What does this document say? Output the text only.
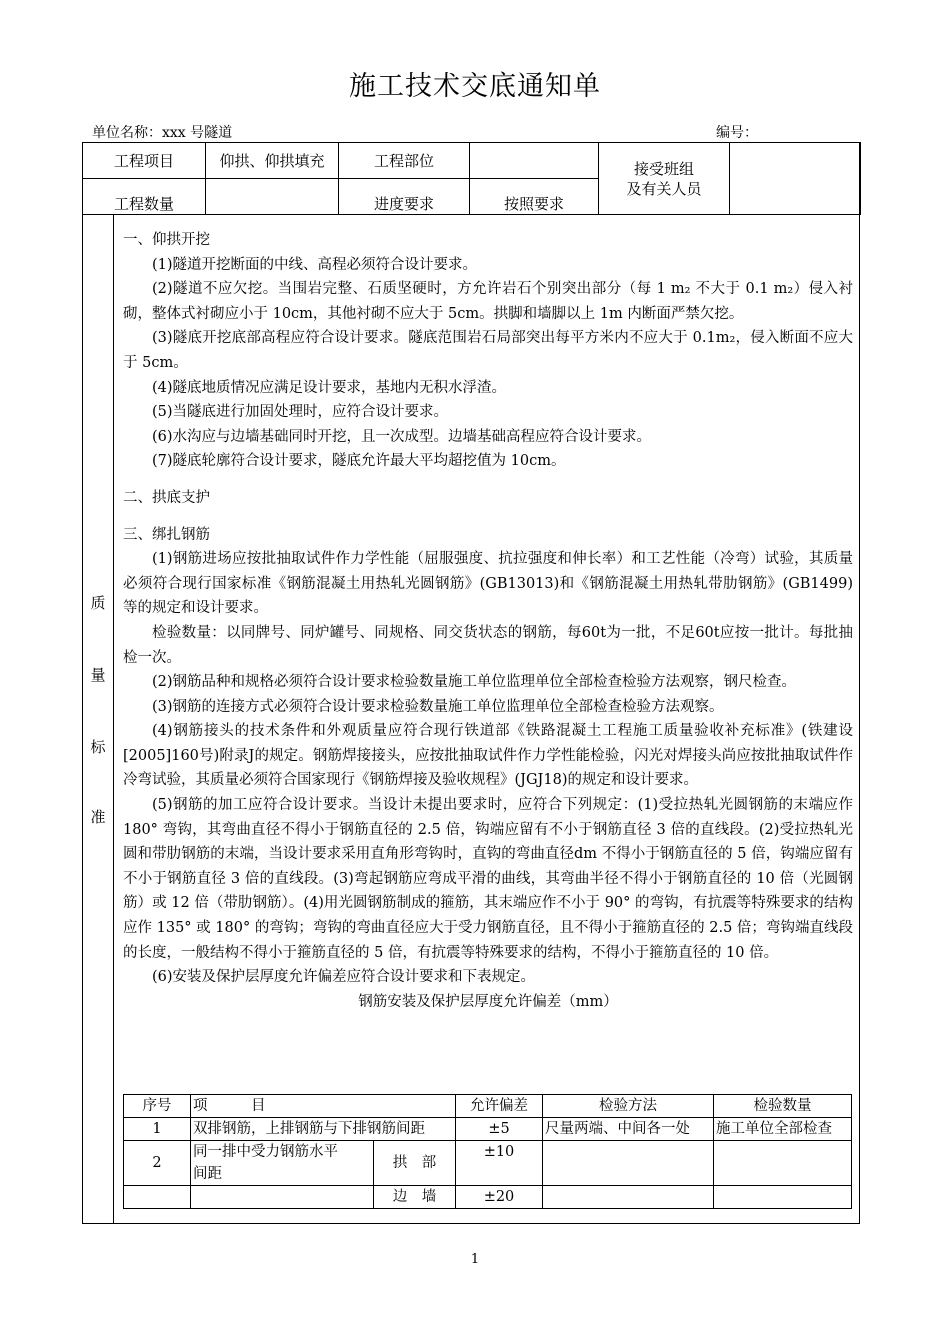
施工技术交底通知单
单位名称：xxx 号隧道	编号：
工程项目	仰拱、仰拱填充	工程部位		接受班组
及有关人员	

工程数量		进度要求	按照要求		
质
量
标
准

一、仰拱开挖

(1)隧道开挖断面的中线、高程必须符合设计要求。

(2)隧道不应欠挖。当围岩完整、石质坚硬时，方允许岩石个别突出部分（每 1 m₂ 不大于 0.1 m₂）侵入衬砌，整体式衬砌应小于 10cm，其他衬砌不应大于 5cm。拱脚和墙脚以上 1m 内断面严禁欠挖。

(3)隧底开挖底部高程应符合设计要求。隧底范围岩石局部突出每平方米内不应大于 0.1m₂，侵入断面不应大于 5cm。

(4)隧底地质情况应满足设计要求，基地内无积水浮渣。

(5)当隧底进行加固处理时，应符合设计要求。

(6)水沟应与边墙基础同时开挖，且一次成型。边墙基础高程应符合设计要求。

(7)隧底轮廓符合设计要求，隧底允许最大平均超挖值为 10cm。

二、拱底支护

三、绑扎钢筋

(1)钢筋进场应按批抽取试件作力学性能（屈服强度、抗拉强度和伸长率）和工艺性能（冷弯）试验，其质量必须符合现行国家标准《钢筋混凝土用热轧光圆钢筋》(GB13013)和《钢筋混凝土用热轧带肋钢筋》(GB1499)等的规定和设计要求。

检验数量：以同牌号、同炉罐号、同规格、同交货状态的钢筋，每60t为一批，不足60t应按一批计。每批抽检一次。

(2)钢筋品种和规格必须符合设计要求检验数量施工单位监理单位全部检查检验方法观察，钢尺检查。

(3)钢筋的连接方式必须符合设计要求检验数量施工单位监理单位全部检查检验方法观察。

(4)钢筋接头的技术条件和外观质量应符合现行铁道部《铁路混凝土工程施工质量验收补充标准》(铁建设[2005]160号)附录J的规定。钢筋焊接接头，应按批抽取试件作力学性能检验，闪光对焊接头尚应按批抽取试件作冷弯试验，其质量必须符合国家现行《钢筋焊接及验收规程》(JGJ18)的规定和设计要求。

(5)钢筋的加工应符合设计要求。当设计未提出要求时，应符合下列规定：(1)受拉热轧光圆钢筋的末端应作 180° 弯钩，其弯曲直径不得小于钢筋直径的 2.5 倍，钩端应留有不小于钢筋直径 3 倍的直线段。(2)受拉热轧光圆和带肋钢筋的末端，当设计要求采用直角形弯钩时，直钩的弯曲直径dm 不得小于钢筋直径的 5 倍，钩端应留有不小于钢筋直径 3 倍的直线段。(3)弯起钢筋应弯成平滑的曲线，其弯曲半径不得小于钢筋直径的 10 倍（光圆钢筋）或 12 倍（带肋钢筋）。(4)用光圆钢筋制成的箍筋，其末端应作不小于 90° 的弯钩，有抗震等特殊要求的结构应作 135° 或 180° 的弯钩；弯钩的弯曲直径应大于受力钢筋直径，且不得小于箍筋直径的 2.5 倍；弯钩端直线段的长度，一般结构不得小于箍筋直径的 5 倍，有抗震等特殊要求的结构，不得小于箍筋直径的 10 倍。

(6)安装及保护层厚度允许偏差应符合设计要求和下表规定。

钢筋安装及保护层厚度允许偏差（mm）

序号	项　　　目		允许偏差	检验方法	检验数量
1	双排钢筋，上排钢筋与下排钢筋间距		±5	尺量两端、中间各一处	施工单位全部检查
2	同一排中受力钢筋水平
间距	拱　部	±10		
		边　墙	±20		
1
